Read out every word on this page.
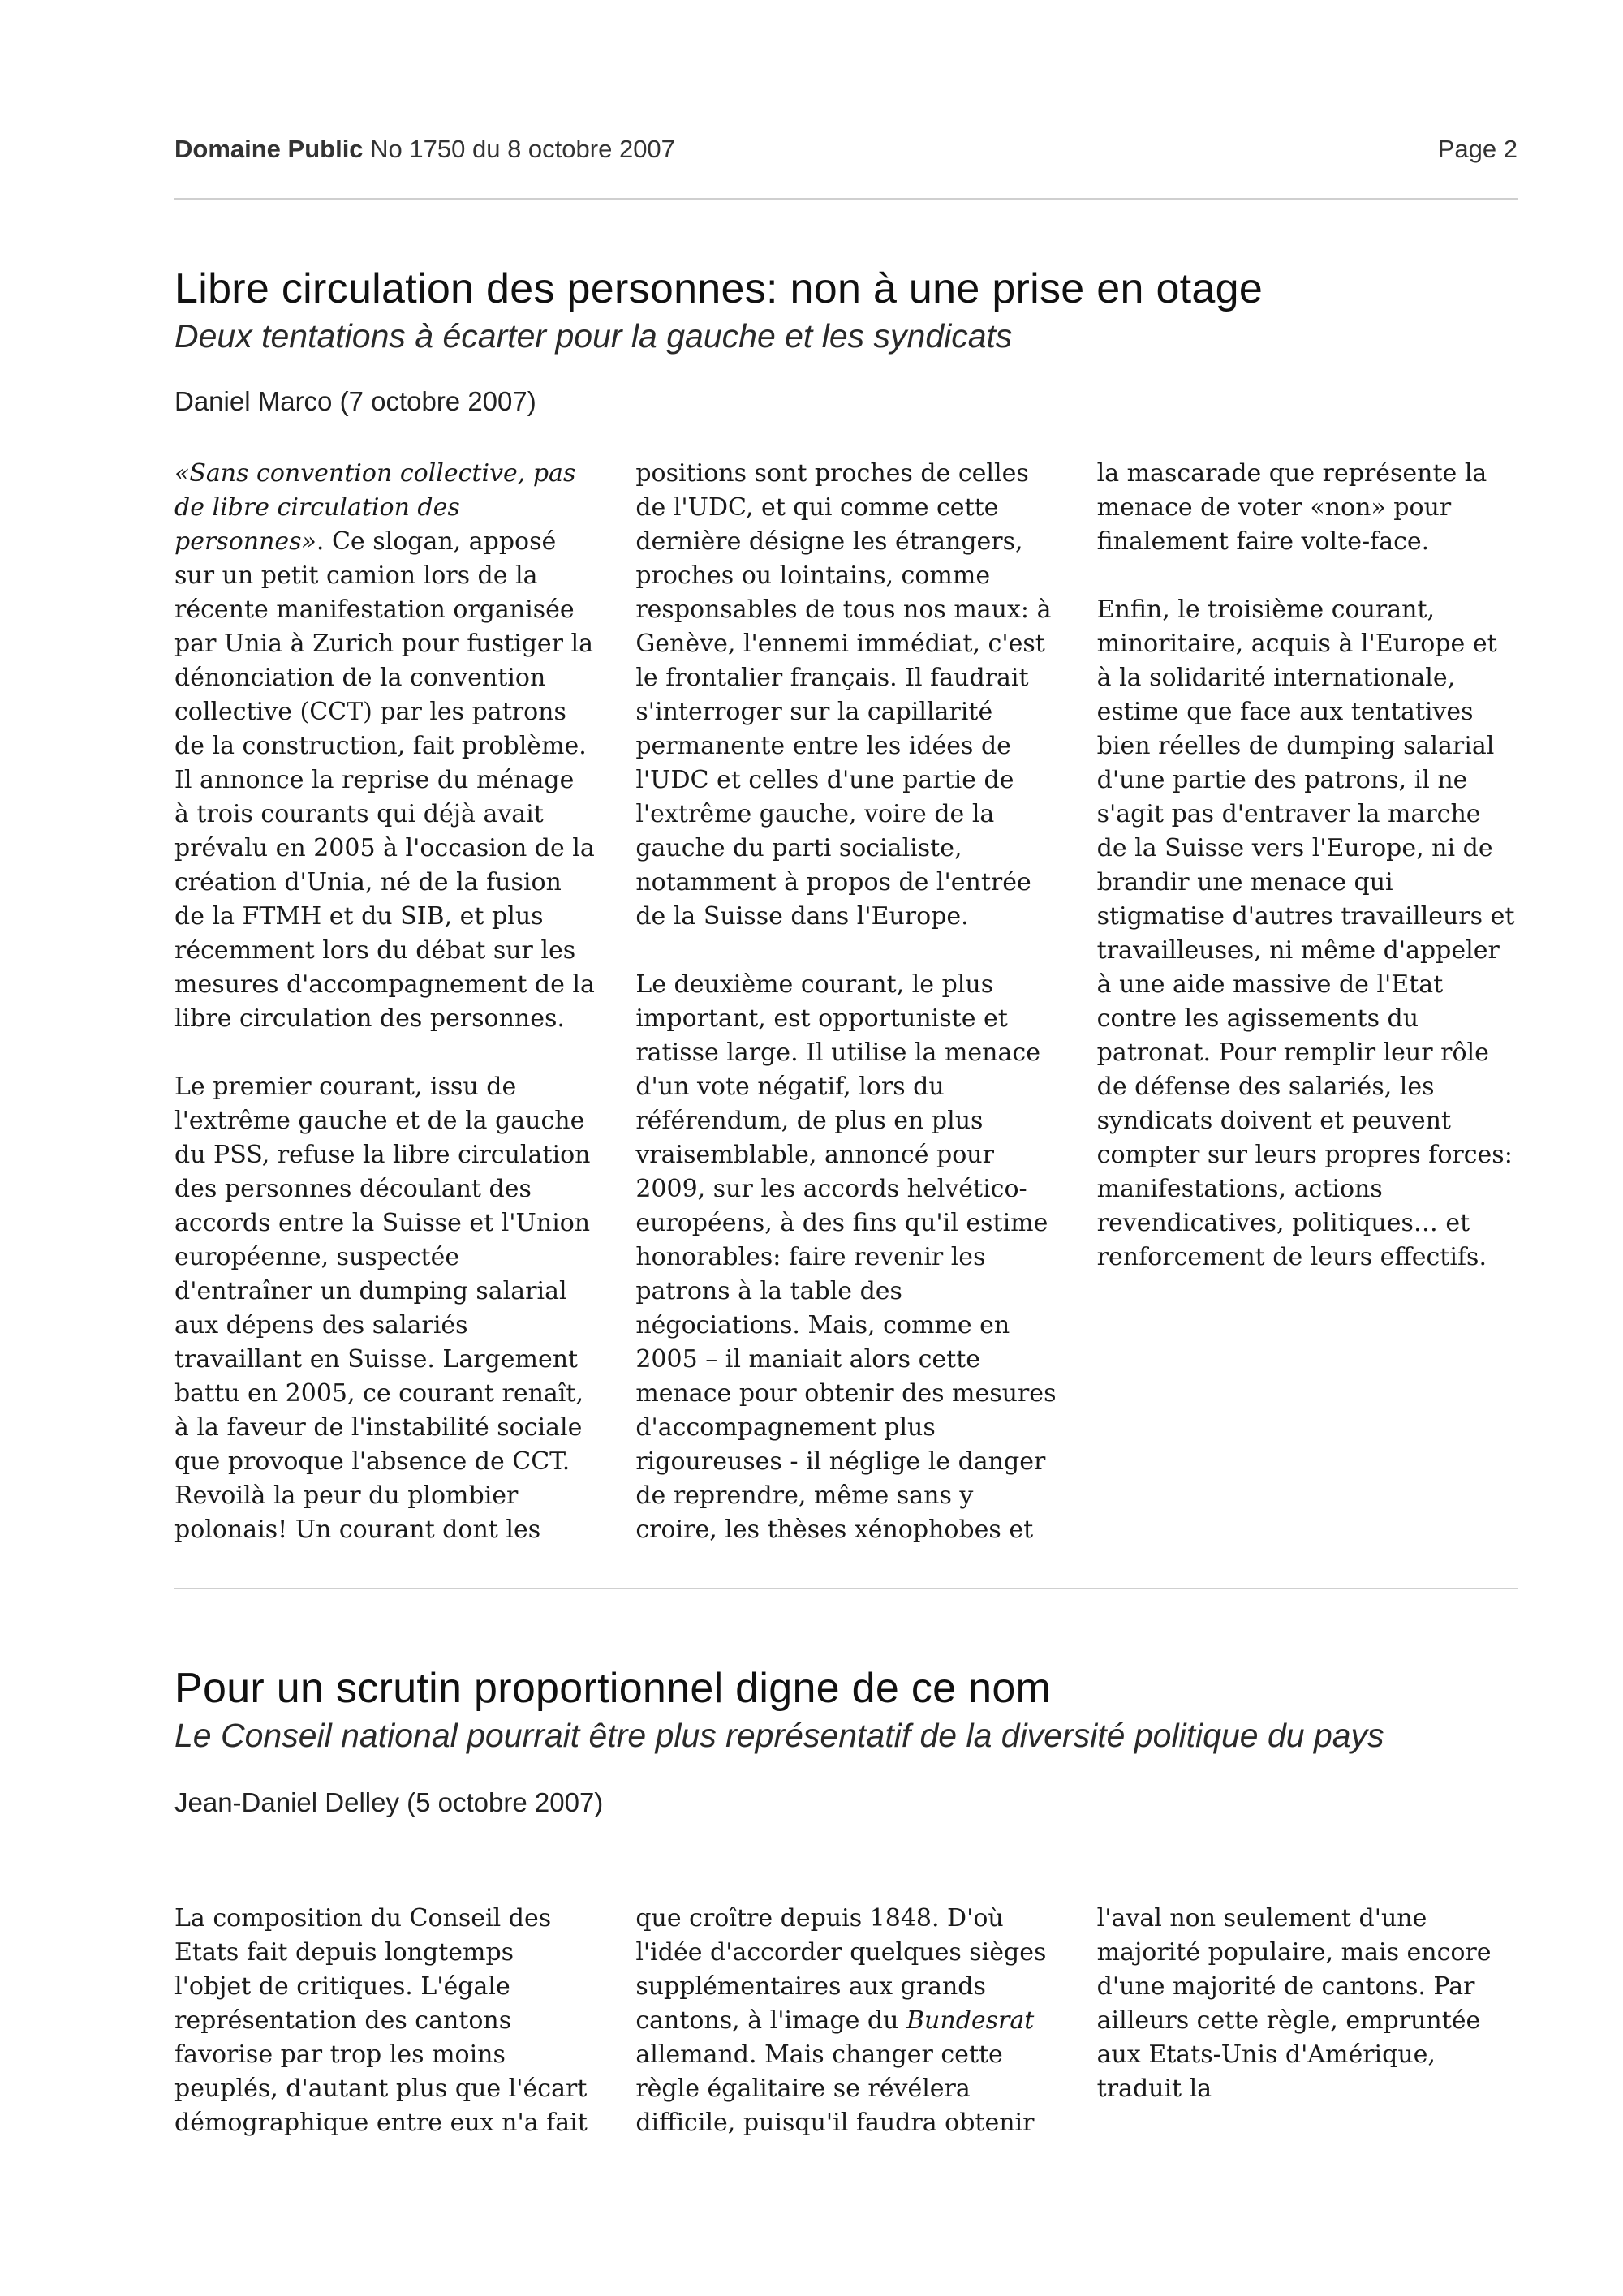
Domaine Public No 1750 du 8 octobre 2007	Page 2
Libre circulation des personnes: non à une prise en otage
Deux tentations à écarter pour la gauche et les syndicats
Daniel Marco (7 octobre 2007)

«Sans convention collective, pas de libre circulation des personnes». Ce slogan, apposé sur un petit camion lors de la récente manifestation organisée par Unia à Zurich pour fustiger la dénonciation de la convention collective (CCT) par les patrons de la construction, fait problème. Il annonce la reprise du ménage à trois courants qui déjà avait prévalu en 2005 à l'occasion de la création d'Unia, né de la fusion de la FTMH et du SIB, et plus récemment lors du débat sur les mesures d'accompagnement de la libre circulation des personnes.

Le premier courant, issu de l'extrême gauche et de la gauche du PSS, refuse la libre circulation des personnes découlant des accords entre la Suisse et l'Union européenne, suspectée d'entraîner un dumping salarial aux dépens des salariés travaillant en Suisse. Largement battu en 2005, ce courant renaît, à la faveur de l'instabilité sociale que provoque l'absence de CCT. Revoilà la peur du plombier polonais! Un courant dont les positions sont proches de celles de l'UDC, et qui comme cette dernière désigne les étrangers, proches ou lointains, comme responsables de tous nos maux: à Genève, l'ennemi immédiat, c'est le frontalier français. Il faudrait s'interroger sur la capillarité permanente entre les idées de l'UDC et celles d'une partie de l'extrême gauche, voire de la gauche du parti socialiste, notamment à propos de l'entrée de la Suisse dans l'Europe.

Le deuxième courant, le plus important, est opportuniste et ratisse large. Il utilise la menace d'un vote négatif, lors du référendum, de plus en plus vraisemblable, annoncé pour 2009, sur les accords helvético-européens, à des fins qu'il estime honorables: faire revenir les patrons à la table des négociations. Mais, comme en 2005 – il maniait alors cette menace pour obtenir des mesures d'accompagnement plus rigoureuses - il néglige le danger de reprendre, même sans y croire, les thèses xénophobes et la mascarade que représente la menace de voter «non» pour finalement faire volte-face.

Enfin, le troisième courant, minoritaire, acquis à l'Europe et à la solidarité internationale, estime que face aux tentatives bien réelles de dumping salarial d'une partie des patrons, il ne s'agit pas d'entraver la marche de la Suisse vers l'Europe, ni de brandir une menace qui stigmatise d'autres travailleurs et travailleuses, ni même d'appeler à une aide massive de l'Etat contre les agissements du patronat. Pour remplir leur rôle de défense des salariés, les syndicats doivent et peuvent compter sur leurs propres forces: manifestations, actions revendicatives, politiques… et renforcement de leurs effectifs.

Pour un scrutin proportionnel digne de ce nom
Le Conseil national pourrait être plus représentatif de la diversité politique du pays
Jean-Daniel Delley (5 octobre 2007)

La composition du Conseil des Etats fait depuis longtemps l'objet de critiques. L'égale représentation des cantons favorise par trop les moins peuplés, d'autant plus que l'écart démographique entre eux n'a fait que croître depuis 1848. D'où l'idée d'accorder quelques sièges supplémentaires aux grands cantons, à l'image du Bundesrat allemand. Mais changer cette règle égalitaire se révélera difficile, puisqu'il faudra obtenir l'aval non seulement d'une majorité populaire, mais encore d'une majorité de cantons. Par ailleurs cette règle, empruntée aux Etats-Unis d'Amérique, traduit la
